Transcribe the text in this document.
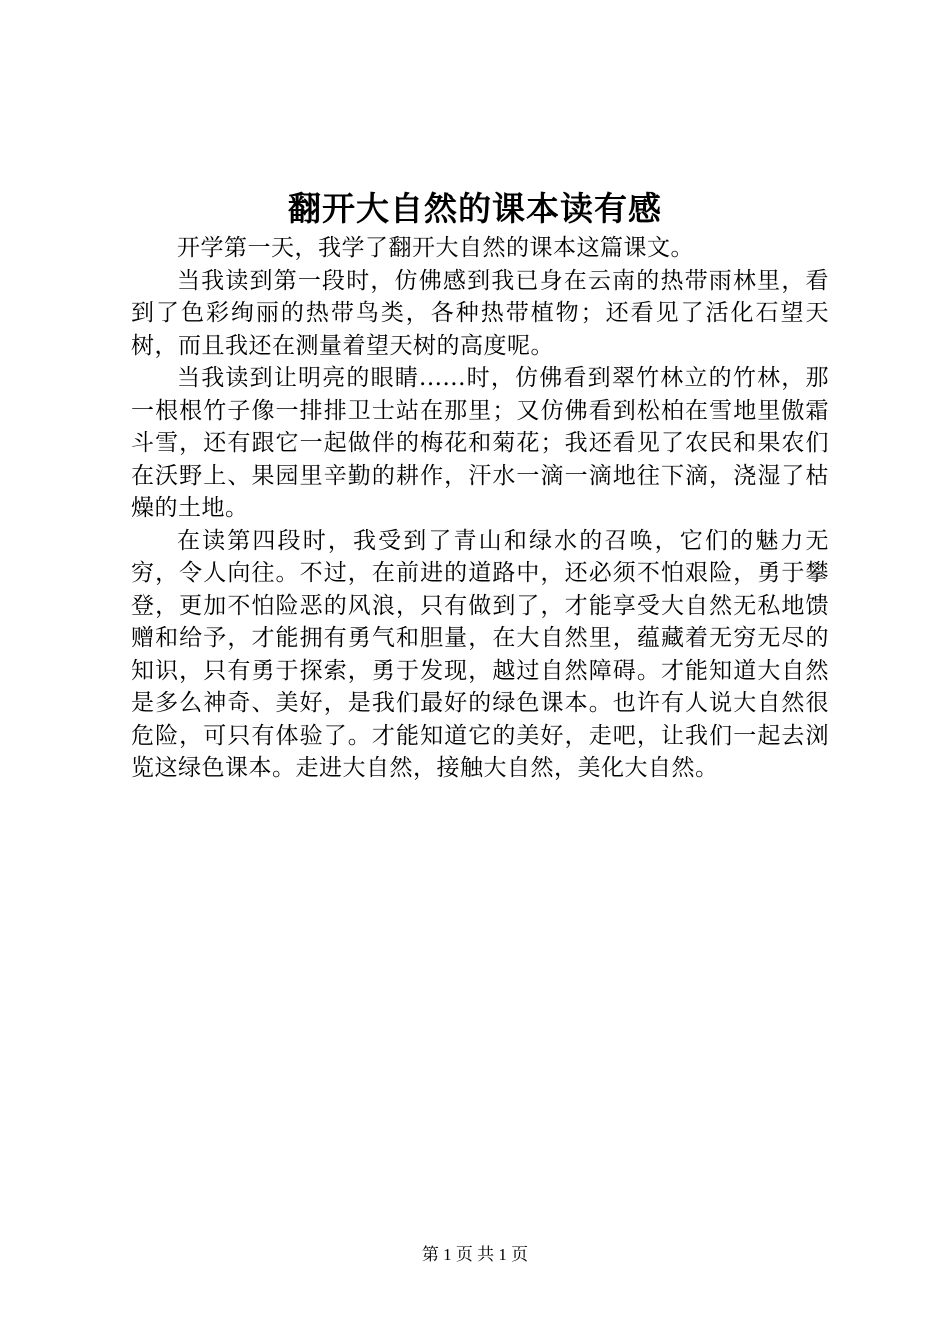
翻开大自然的课本读有感

开学第一天，我学了翻开大自然的课本这篇课文。

当我读到第一段时，仿佛感到我已身在云南的热带雨林里，看到了色彩绚丽的热带鸟类，各种热带植物；还看见了活化石望天树，而且我还在测量着望天树的高度呢。

当我读到让明亮的眼睛......时，仿佛看到翠竹林立的竹林，那一根根竹子像一排排卫士站在那里；又仿佛看到松柏在雪地里傲霜斗雪，还有跟它一起做伴的梅花和菊花；我还看见了农民和果农们在沃野上、果园里辛勤的耕作，汗水一滴一滴地往下滴，浇湿了枯燥的土地。

在读第四段时，我受到了青山和绿水的召唤，它们的魅力无穷，令人向往。不过，在前进的道路中，还必须不怕艰险，勇于攀登，更加不怕险恶的风浪，只有做到了，才能享受大自然无私地馈赠和给予，才能拥有勇气和胆量，在大自然里，蕴藏着无穷无尽的知识，只有勇于探索，勇于发现，越过自然障碍。才能知道大自然是多么神奇、美好，是我们最好的绿色课本。也许有人说大自然很危险，可只有体验了。才能知道它的美好，走吧，让我们一起去浏览这绿色课本。走进大自然，接触大自然，美化大自然。

第 1 页 共 1 页
